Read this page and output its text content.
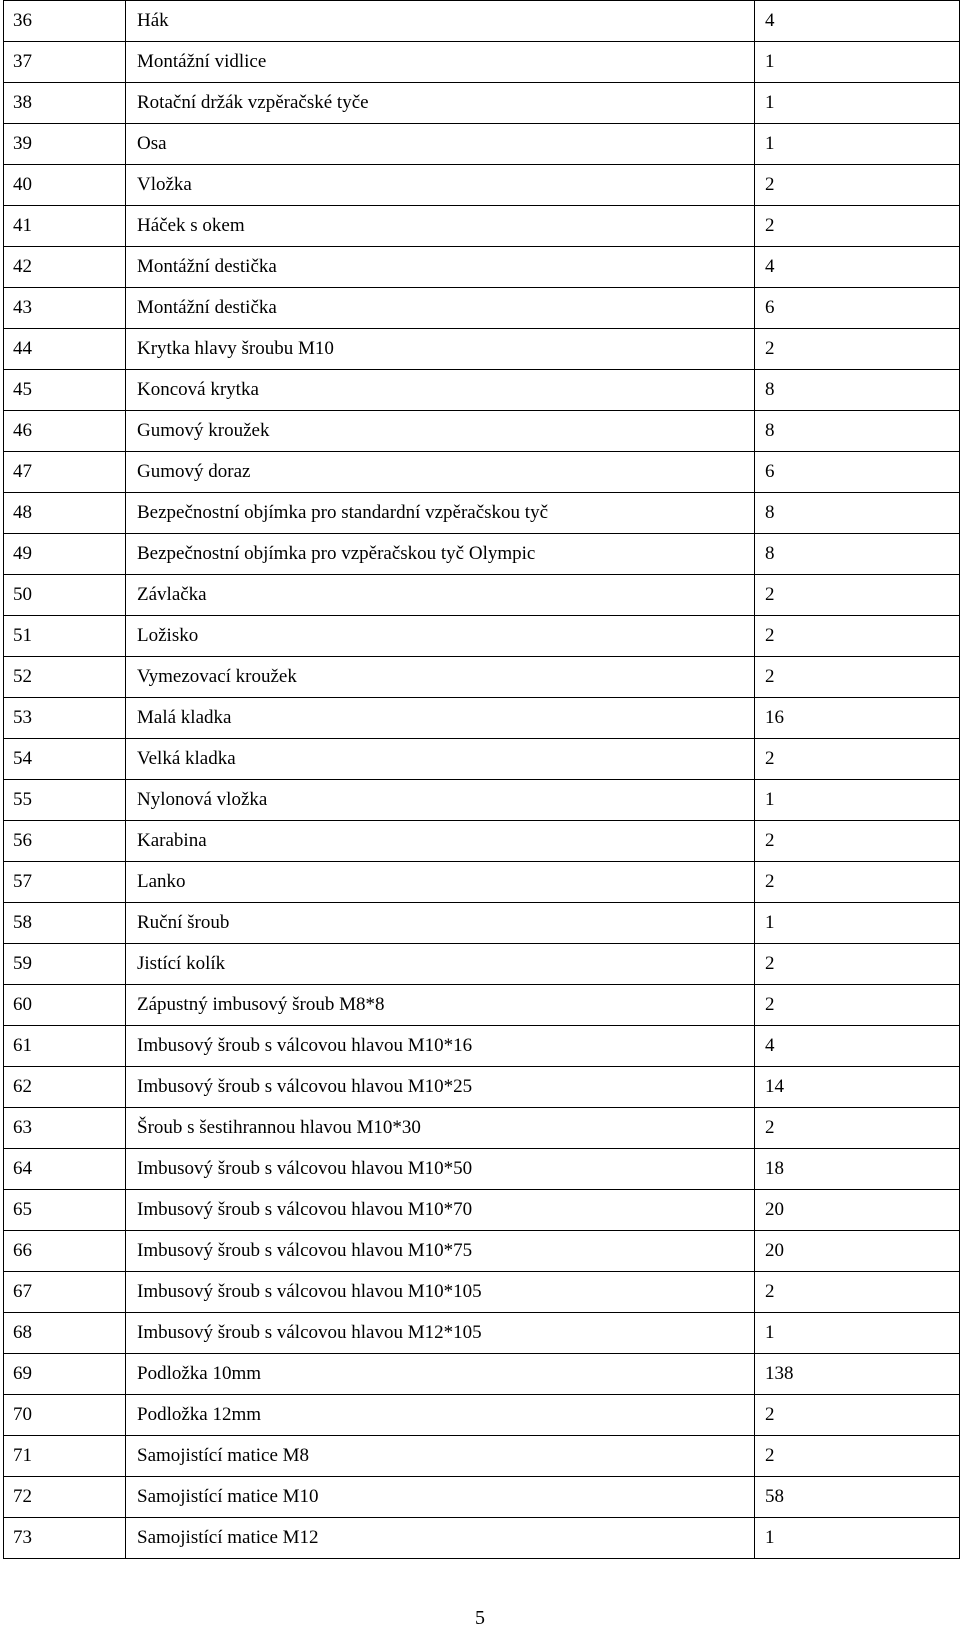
36	Hák	4
37	Montážní vidlice	1
38	Rotační držák vzpěračské tyče	1
39	Osa	1
40	Vložka	2
41	Háček s okem	2
42	Montážní destička	4
43	Montážní destička	6
44	Krytka hlavy šroubu M10	2
45	Koncová krytka	8
46	Gumový kroužek	8
47	Gumový doraz	6
48	Bezpečnostní objímka pro standardní vzpěračskou tyč	8
49	Bezpečnostní objímka pro vzpěračskou tyč Olympic	8
50	Závlačka	2
51	Ložisko	2
52	Vymezovací kroužek	2
53	Malá kladka	16
54	Velká kladka	2
55	Nylonová vložka	1
56	Karabina	2
57	Lanko	2
58	Ruční šroub	1
59	Jistící kolík	2
60	Zápustný imbusový šroub M8*8	2
61	Imbusový šroub s válcovou hlavou M10*16	4
62	Imbusový šroub s válcovou hlavou M10*25	14
63	Šroub s šestihrannou hlavou M10*30	2
64	Imbusový šroub s válcovou hlavou M10*50	18
65	Imbusový šroub s válcovou hlavou M10*70	20
66	Imbusový šroub s válcovou hlavou M10*75	20
67	Imbusový šroub s válcovou hlavou M10*105	2
68	Imbusový šroub s válcovou hlavou M12*105	1
69	Podložka 10mm	138
70	Podložka 12mm	2
71	Samojistící matice M8	2
72	Samojistící matice M10	58
73	Samojistící matice M12	1
5
